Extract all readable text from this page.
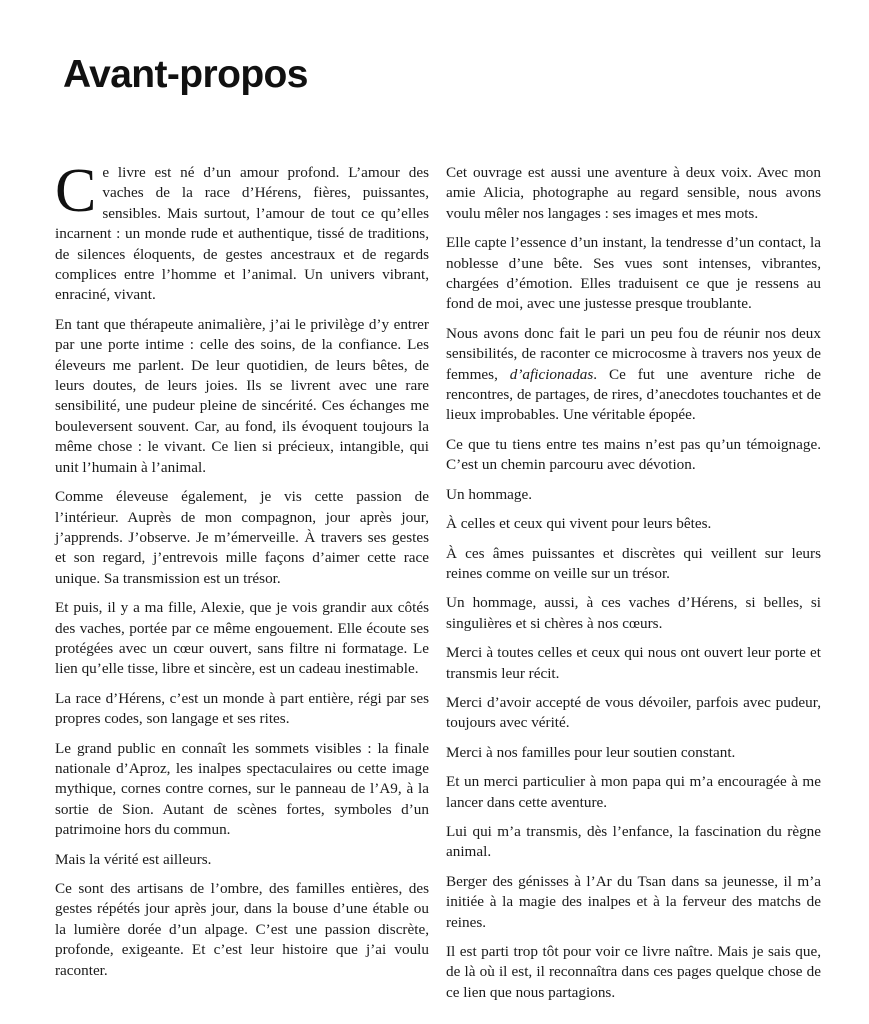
Avant-propos

Ce livre est né d’un amour profond. L’amour des vaches de la race d’Hérens, fières, puissantes, sensibles. Mais surtout, l’amour de tout ce qu’elles incarnent : un monde rude et authentique, tissé de traditions, de silences éloquents, de gestes ancestraux et de regards complices entre l’homme et l’animal. Un univers vibrant, enraciné, vivant.

En tant que thérapeute animalière, j’ai le privilège d’y entrer par une porte intime : celle des soins, de la confiance. Les éleveurs me parlent. De leur quotidien, de leurs bêtes, de leurs doutes, de leurs joies. Ils se livrent avec une rare sensibilité, une pudeur pleine de sincérité. Ces échanges me bouleversent souvent. Car, au fond, ils évoquent toujours la même chose : le vivant. Ce lien si précieux, intangible, qui unit l’humain à l’animal.

Comme éleveuse également, je vis cette passion de l’intérieur. Auprès de mon compagnon, jour après jour, j’apprends. J’observe. Je m’émerveille. À travers ses gestes et son regard, j’entrevois mille façons d’aimer cette race unique. Sa transmission est un trésor.

Et puis, il y a ma fille, Alexie, que je vois grandir aux côtés des vaches, portée par ce même engouement. Elle écoute ses protégées avec un cœur ouvert, sans filtre ni formatage. Le lien qu’elle tisse, libre et sincère, est un cadeau inestimable.

La race d’Hérens, c’est un monde à part entière, régi par ses propres codes, son langage et ses rites.

Le grand public en connaît les sommets visibles : la finale nationale d’Aproz, les inalpes spectaculaires ou cette image mythique, cornes contre cornes, sur le panneau de l’A9, à la sortie de Sion. Autant de scènes fortes, symboles d’un patrimoine hors du commun.

Mais la vérité est ailleurs.

Ce sont des artisans de l’ombre, des familles entières, des gestes répétés jour après jour, dans la bouse d’une étable ou la lumière dorée d’un alpage. C’est une passion discrète, profonde, exigeante. Et c’est leur histoire que j’ai voulu raconter.

Cet ouvrage est aussi une aventure à deux voix. Avec mon amie Alicia, photographe au regard sensible, nous avons voulu mêler nos langages : ses images et mes mots.

Elle capte l’essence d’un instant, la tendresse d’un contact, la noblesse d’une bête. Ses vues sont intenses, vibrantes, chargées d’émotion. Elles traduisent ce que je ressens au fond de moi, avec une justesse presque troublante.

Nous avons donc fait le pari un peu fou de réunir nos deux sensibilités, de raconter ce microcosme à travers nos yeux de femmes, d’aficionadas. Ce fut une aventure riche de rencontres, de partages, de rires, d’anecdotes touchantes et de lieux improbables. Une véritable épopée.

Ce que tu tiens entre tes mains n’est pas qu’un témoignage. C’est un chemin parcouru avec dévotion.

Un hommage.

À celles et ceux qui vivent pour leurs bêtes.

À ces âmes puissantes et discrètes qui veillent sur leurs reines comme on veille sur un trésor.

Un hommage, aussi, à ces vaches d’Hérens, si belles, si singulières et si chères à nos cœurs.

Merci à toutes celles et ceux qui nous ont ouvert leur porte et transmis leur récit.

Merci d’avoir accepté de vous dévoiler, parfois avec pudeur, toujours avec vérité.

Merci à nos familles pour leur soutien constant.

Et un merci particulier à mon papa qui m’a encouragée à me lancer dans cette aventure.

Lui qui m’a transmis, dès l’enfance, la fascination du règne animal.

Berger des génisses à l’Ar du Tsan dans sa jeunesse, il m’a initiée à la magie des inalpes et à la ferveur des matchs de reines.

Il est parti trop tôt pour voir ce livre naître. Mais je sais que, de là où il est, il reconnaîtra dans ces pages quelque chose de ce lien que nous partagions.
